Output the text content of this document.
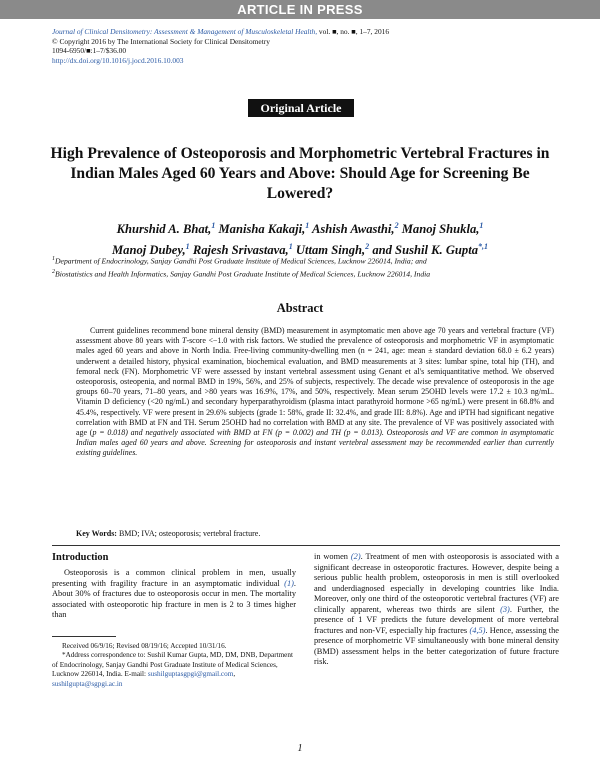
ARTICLE IN PRESS
Journal of Clinical Densitometry: Assessment & Management of Musculoskeletal Health, vol. ■, no. ■, 1–7, 2016
© Copyright 2016 by The International Society for Clinical Densitometry
1094-6950/■:1–7/$36.00
http://dx.doi.org/10.1016/j.jocd.2016.10.003
Original Article
High Prevalence of Osteoporosis and Morphometric Vertebral Fractures in Indian Males Aged 60 Years and Above: Should Age for Screening Be Lowered?
Khurshid A. Bhat,$^1$ Manisha Kakaji,$^1$ Ashish Awasthi,$^2$ Manoj Shukla,$^1$
Manoj Dubey,$^1$ Rajesh Srivastava,$^1$ Uttam Singh,$^2$ and Sushil K. Gupta$^{*,1}$
$^1$Department of Endocrinology, Sanjay Gandhi Post Graduate Institute of Medical Sciences, Lucknow 226014, India; and
$^2$Biostatistics and Health Informatics, Sanjay Gandhi Post Graduate Institute of Medical Sciences, Lucknow 226014, India
Abstract
Current guidelines recommend bone mineral density (BMD) measurement in asymptomatic men above age 70 years and vertebral fracture (VF) assessment above 80 years with T-score <−1.0 with risk factors. We studied the prevalence of osteoporosis and morphometric VF in asymptomatic males aged 60 years and above in North India. Free-living community-dwelling men (n = 241, age: mean ± standard deviation 68.0 ± 6.2 years) underwent a detailed history, physical examination, biochemical evaluation, and BMD measurements at 3 sites: lumbar spine, total hip (TH), and femoral neck (FN). Morphometric VF were assessed by instant vertebral assessment using Genant et al's semiquantitative method. We observed osteoporosis, osteopenia, and normal BMD in 19%, 56%, and 25% of subjects, respectively. The decade wise prevalence of osteoporosis in the age groups 60–70 years, 71–80 years, and >80 years was 16.9%, 17%, and 50%, respectively. Mean serum 25OHD levels were 17.2 ± 10.3 ng/mL. Vitamin D deficiency (<20 ng/mL) and secondary hyperparathyroidism (plasma intact parathyroid hormone >65 ng/mL) were present in 68.8% and 45.4%, respectively. VF were present in 29.6% subjects (grade 1: 58%, grade II: 32.4%, and grade III: 8.8%). Age and iPTH had significant negative correlation with BMD at FN and TH. Serum 25OHD had no correlation with BMD at any site. The prevalence of VF was positively associated with age (p = 0.018) and negatively associated with BMD at FN (p = 0.002) and TH (p = 0.013). Osteoporosis and VF are common in asymptomatic Indian males aged 60 years and above. Screening for osteoporosis and instant vertebral assessment may be recommended earlier than currently existing guidelines.
Key Words: BMD; IVA; osteoporosis; vertebral fracture.
Introduction
Osteoporosis is a common clinical problem in men, usually presenting with fragility fracture in an asymptomatic individual (1). About 30% of fractures due to osteoporosis occur in men. The mortality associated with osteoporotic hip fracture in men is 2 to 3 times higher than
in women (2). Treatment of men with osteoporosis is associated with a significant decrease in osteoporotic fractures. However, despite being a serious public health problem, osteoporosis in men is still overlooked and underdiagnosed especially in developing countries like India. Moreover, only one third of the osteoporotic vertebral fractures (VF) are clinically apparent, whereas two thirds are silent (3). Further, the presence of 1 VF predicts the future development of more vertebral fractures and non-VF, especially hip fractures (4,5). Hence, assessing the presence of morphometric VF simultaneously with bone mineral density (BMD) assessment helps in the better categorization of future fracture risk.
Received 06/9/16; Revised 08/19/16; Accepted 10/31/16.
*Address correspondence to: Sushil Kumar Gupta, MD, DM, DNB, Department of Endocrinology, Sanjay Gandhi Post Graduate Institute of Medical Sciences, Lucknow 226014, India. E-mail: sushilguptasgpgi@gmail.com, sushilgupta@sgpgi.ac.in
1
